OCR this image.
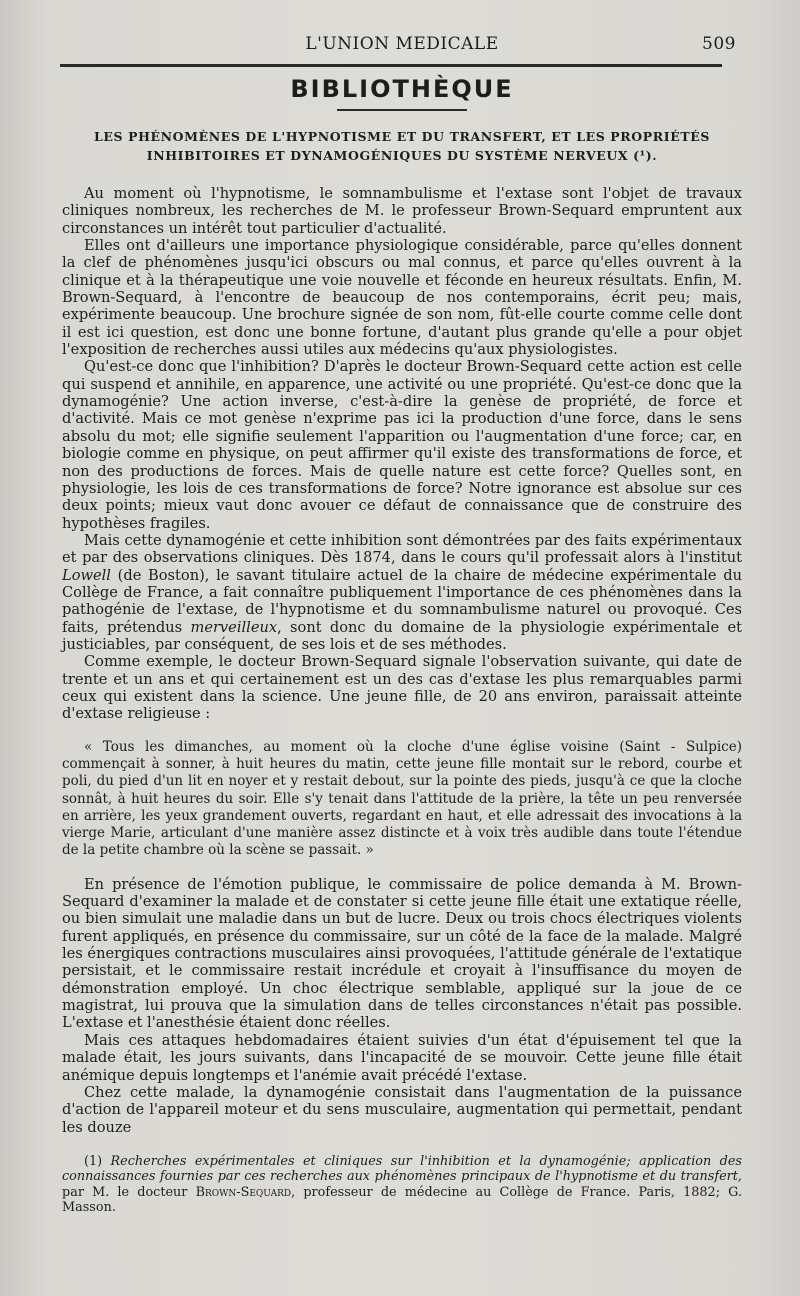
L'UNION MEDICALE	509
BIBLIOTHÈQUE
LES PHÉNOMÈNES DE L'HYPNOTISME ET DU TRANSFERT, ET LES PROPRIÉTÉS
INHIBITOIRES ET DYNAMOGÉNIQUES DU SYSTÈME NERVEUX (¹).

Au moment où l'hypnotisme, le somnambulisme et l'extase sont l'objet de travaux cliniques nombreux, les recherches de M. le professeur Brown-Sequard empruntent aux circonstances un intérêt tout particulier d'actualité.

Elles ont d'ailleurs une importance physiologique considérable, parce qu'elles donnent la clef de phénomènes jusqu'ici obscurs ou mal connus, et parce qu'elles ouvrent à la clinique et à la thérapeutique une voie nouvelle et féconde en heureux résultats. Enfin, M. Brown-Sequard, à l'encontre de beaucoup de nos contemporains, écrit peu; mais, expérimente beaucoup. Une brochure signée de son nom, fût-elle courte comme celle dont il est ici question, est donc une bonne fortune, d'autant plus grande qu'elle a pour objet l'exposition de recherches aussi utiles aux médecins qu'aux physiologistes.

Qu'est-ce donc que l'inhibition? D'après le docteur Brown-Sequard cette action est celle qui suspend et annihile, en apparence, une activité ou une propriété. Qu'est-ce donc que la dynamogénie? Une action inverse, c'est-à-dire la genèse de propriété, de force et d'activité. Mais ce mot genèse n'exprime pas ici la production d'une force, dans le sens absolu du mot; elle signifie seulement l'apparition ou l'augmentation d'une force; car, en biologie comme en physique, on peut affirmer qu'il existe des transformations de force, et non des productions de forces. Mais de quelle nature est cette force? Quelles sont, en physiologie, les lois de ces transformations de force? Notre ignorance est absolue sur ces deux points; mieux vaut donc avouer ce défaut de connaissance que de construire des hypothèses fragiles.

Mais cette dynamogénie et cette inhibition sont démontrées par des faits expérimentaux et par des observations cliniques. Dès 1874, dans le cours qu'il professait alors à l'institut Lowell (de Boston), le savant titulaire actuel de la chaire de médecine expérimentale du Collège de France, a fait connaître publiquement l'importance de ces phénomènes dans la pathogénie de l'extase, de l'hypnotisme et du somnambulisme naturel ou provoqué. Ces faits, prétendus merveilleux, sont donc du domaine de la physiologie expérimentale et justiciables, par conséquent, de ses lois et de ses méthodes.

Comme exemple, le docteur Brown-Sequard signale l'observation suivante, qui date de trente et un ans et qui certainement est un des cas d'extase les plus remarquables parmi ceux qui existent dans la science. Une jeune fille, de 20 ans environ, paraissait atteinte d'extase religieuse :

« Tous les dimanches, au moment où la cloche d'une église voisine (Saint - Sulpice) commençait à sonner, à huit heures du matin, cette jeune fille montait sur le rebord, courbe et poli, du pied d'un lit en noyer et y restait debout, sur la pointe des pieds, jusqu'à ce que la cloche sonnât, à huit heures du soir. Elle s'y tenait dans l'attitude de la prière, la tête un peu renversée en arrière, les yeux grandement ouverts, regardant en haut, et elle adressait des invocations à la vierge Marie, articulant d'une manière assez distincte et à voix très audible dans toute l'étendue de la petite chambre où la scène se passait. »

En présence de l'émotion publique, le commissaire de police demanda à M. Brown-Sequard d'examiner la malade et de constater si cette jeune fille était une extatique réelle, ou bien simulait une maladie dans un but de lucre. Deux ou trois chocs électriques violents furent appliqués, en présence du commissaire, sur un côté de la face de la malade. Malgré les énergiques contractions musculaires ainsi provoquées, l'attitude générale de l'extatique persistait, et le commissaire restait incrédule et croyait à l'insuffisance du moyen de démonstration employé. Un choc électrique semblable, appliqué sur la joue de ce magistrat, lui prouva que la simulation dans de telles circonstances n'était pas possible. L'extase et l'anesthésie étaient donc réelles.

Mais ces attaques hebdomadaires étaient suivies d'un état d'épuisement tel que la malade était, les jours suivants, dans l'incapacité de se mouvoir. Cette jeune fille était anémique depuis longtemps et l'anémie avait précédé l'extase.

Chez cette malade, la dynamogénie consistait dans l'augmentation de la puissance d'action de l'appareil moteur et du sens musculaire, augmentation qui permettait, pendant les douze

(1) Recherches expérimentales et cliniques sur l'inhibition et la dynamogénie; application des connaissances fournies par ces recherches aux phénomènes principaux de l'hypnotisme et du transfert, par M. le docteur Brown-Sequard, professeur de médecine au Collège de France. Paris, 1882; G. Masson.
